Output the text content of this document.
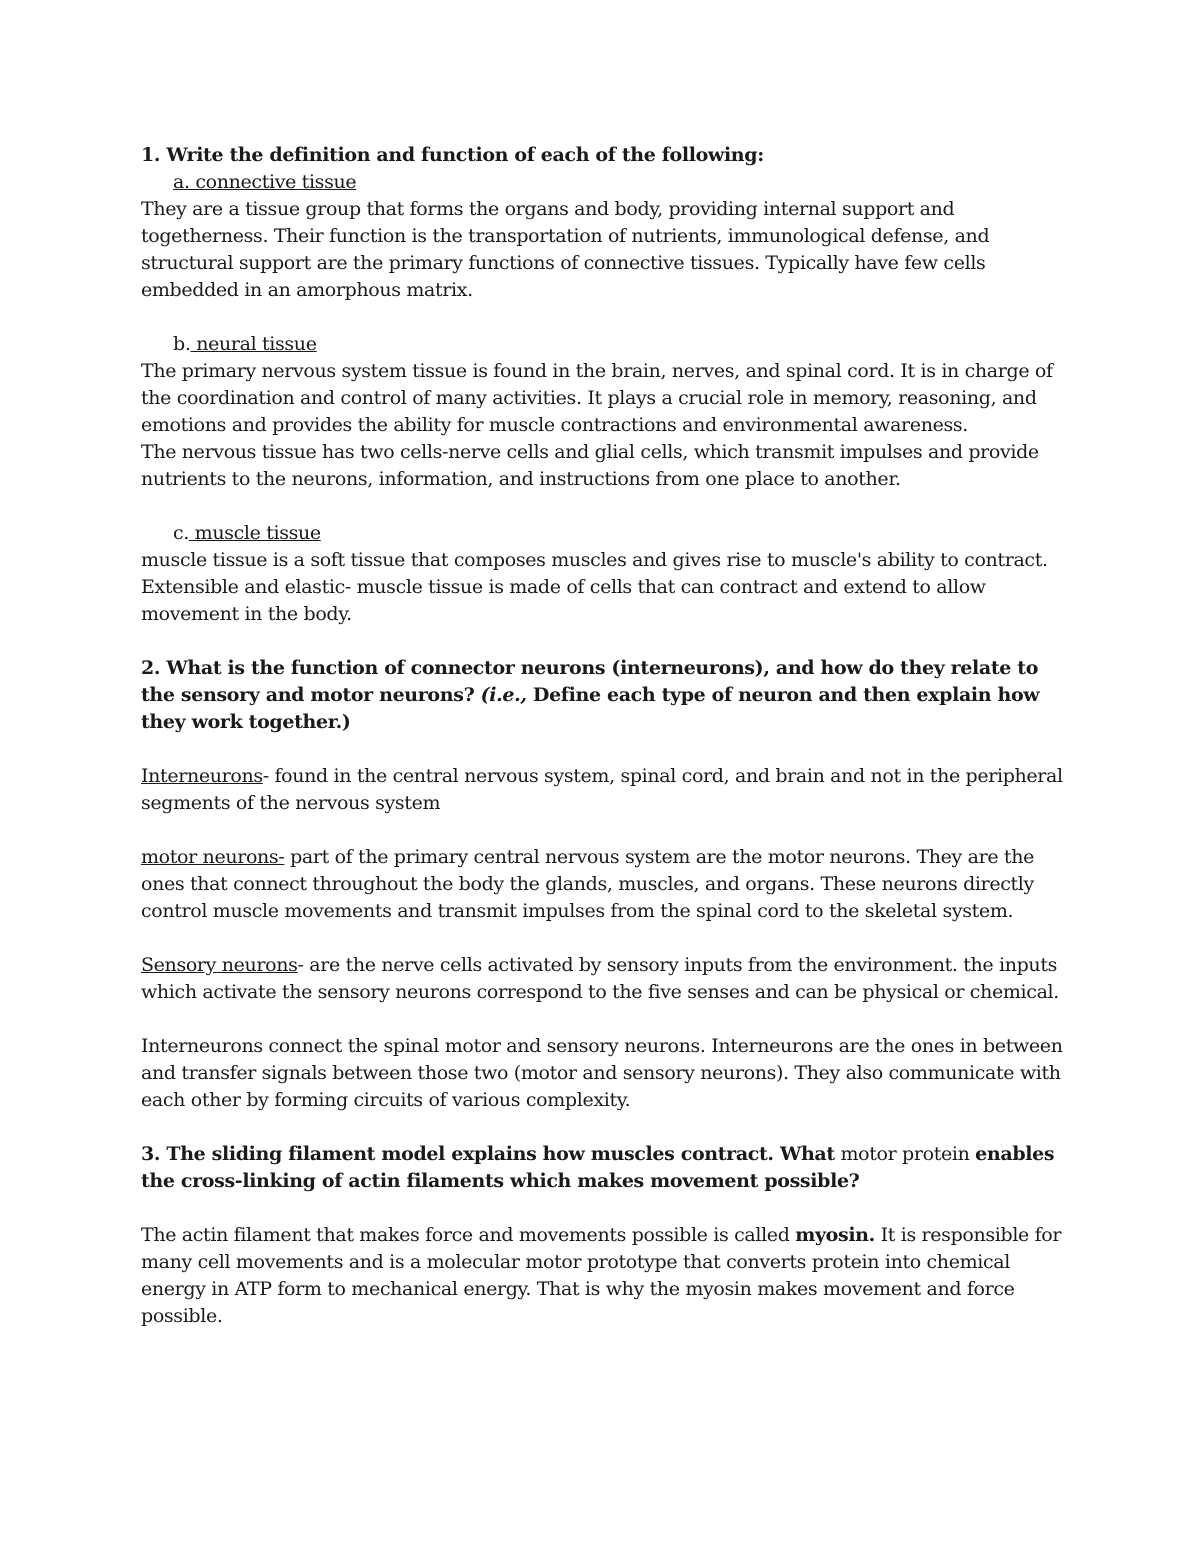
1. Write the definition and function of each of the following:

a. connective tissue

They are a tissue group that forms the organs and body, providing internal support and togetherness. Their function is the transportation of nutrients, immunological defense, and structural support are the primary functions of connective tissues. Typically have few cells embedded in an amorphous matrix.

b. neural tissue

The primary nervous system tissue is found in the brain, nerves, and spinal cord. It is in charge of the coordination and control of many activities. It plays a crucial role in memory, reasoning, and emotions and provides the ability for muscle contractions and environmental awareness.

The nervous tissue has two cells-nerve cells and glial cells, which transmit impulses and provide nutrients to the neurons, information, and instructions from one place to another.

c. muscle tissue

muscle tissue is a soft tissue that composes muscles and gives rise to muscle's ability to contract. Extensible and elastic- muscle tissue is made of cells that can contract and extend to allow movement in the body.

2. What is the function of connector neurons (interneurons), and how do they relate to the sensory and motor neurons? (i.e., Define each type of neuron and then explain how they work together.)

Interneurons- found in the central nervous system, spinal cord, and brain and not in the peripheral segments of the nervous system

motor neurons- part of the primary central nervous system are the motor neurons. They are the ones that connect throughout the body the glands, muscles, and organs. These neurons directly control muscle movements and transmit impulses from the spinal cord to the skeletal system.

Sensory neurons- are the nerve cells activated by sensory inputs from the environment. the inputs which activate the sensory neurons correspond to the five senses and can be physical or chemical.

Interneurons connect the spinal motor and sensory neurons. Interneurons are the ones in between and transfer signals between those two (motor and sensory neurons). They also communicate with each other by forming circuits of various complexity.

3. The sliding filament model explains how muscles contract. What motor protein enables the cross-linking of actin filaments which makes movement possible?

The actin filament that makes force and movements possible is called myosin. It is responsible for many cell movements and is a molecular motor prototype that converts protein into chemical energy in ATP form to mechanical energy. That is why the myosin makes movement and force possible.
